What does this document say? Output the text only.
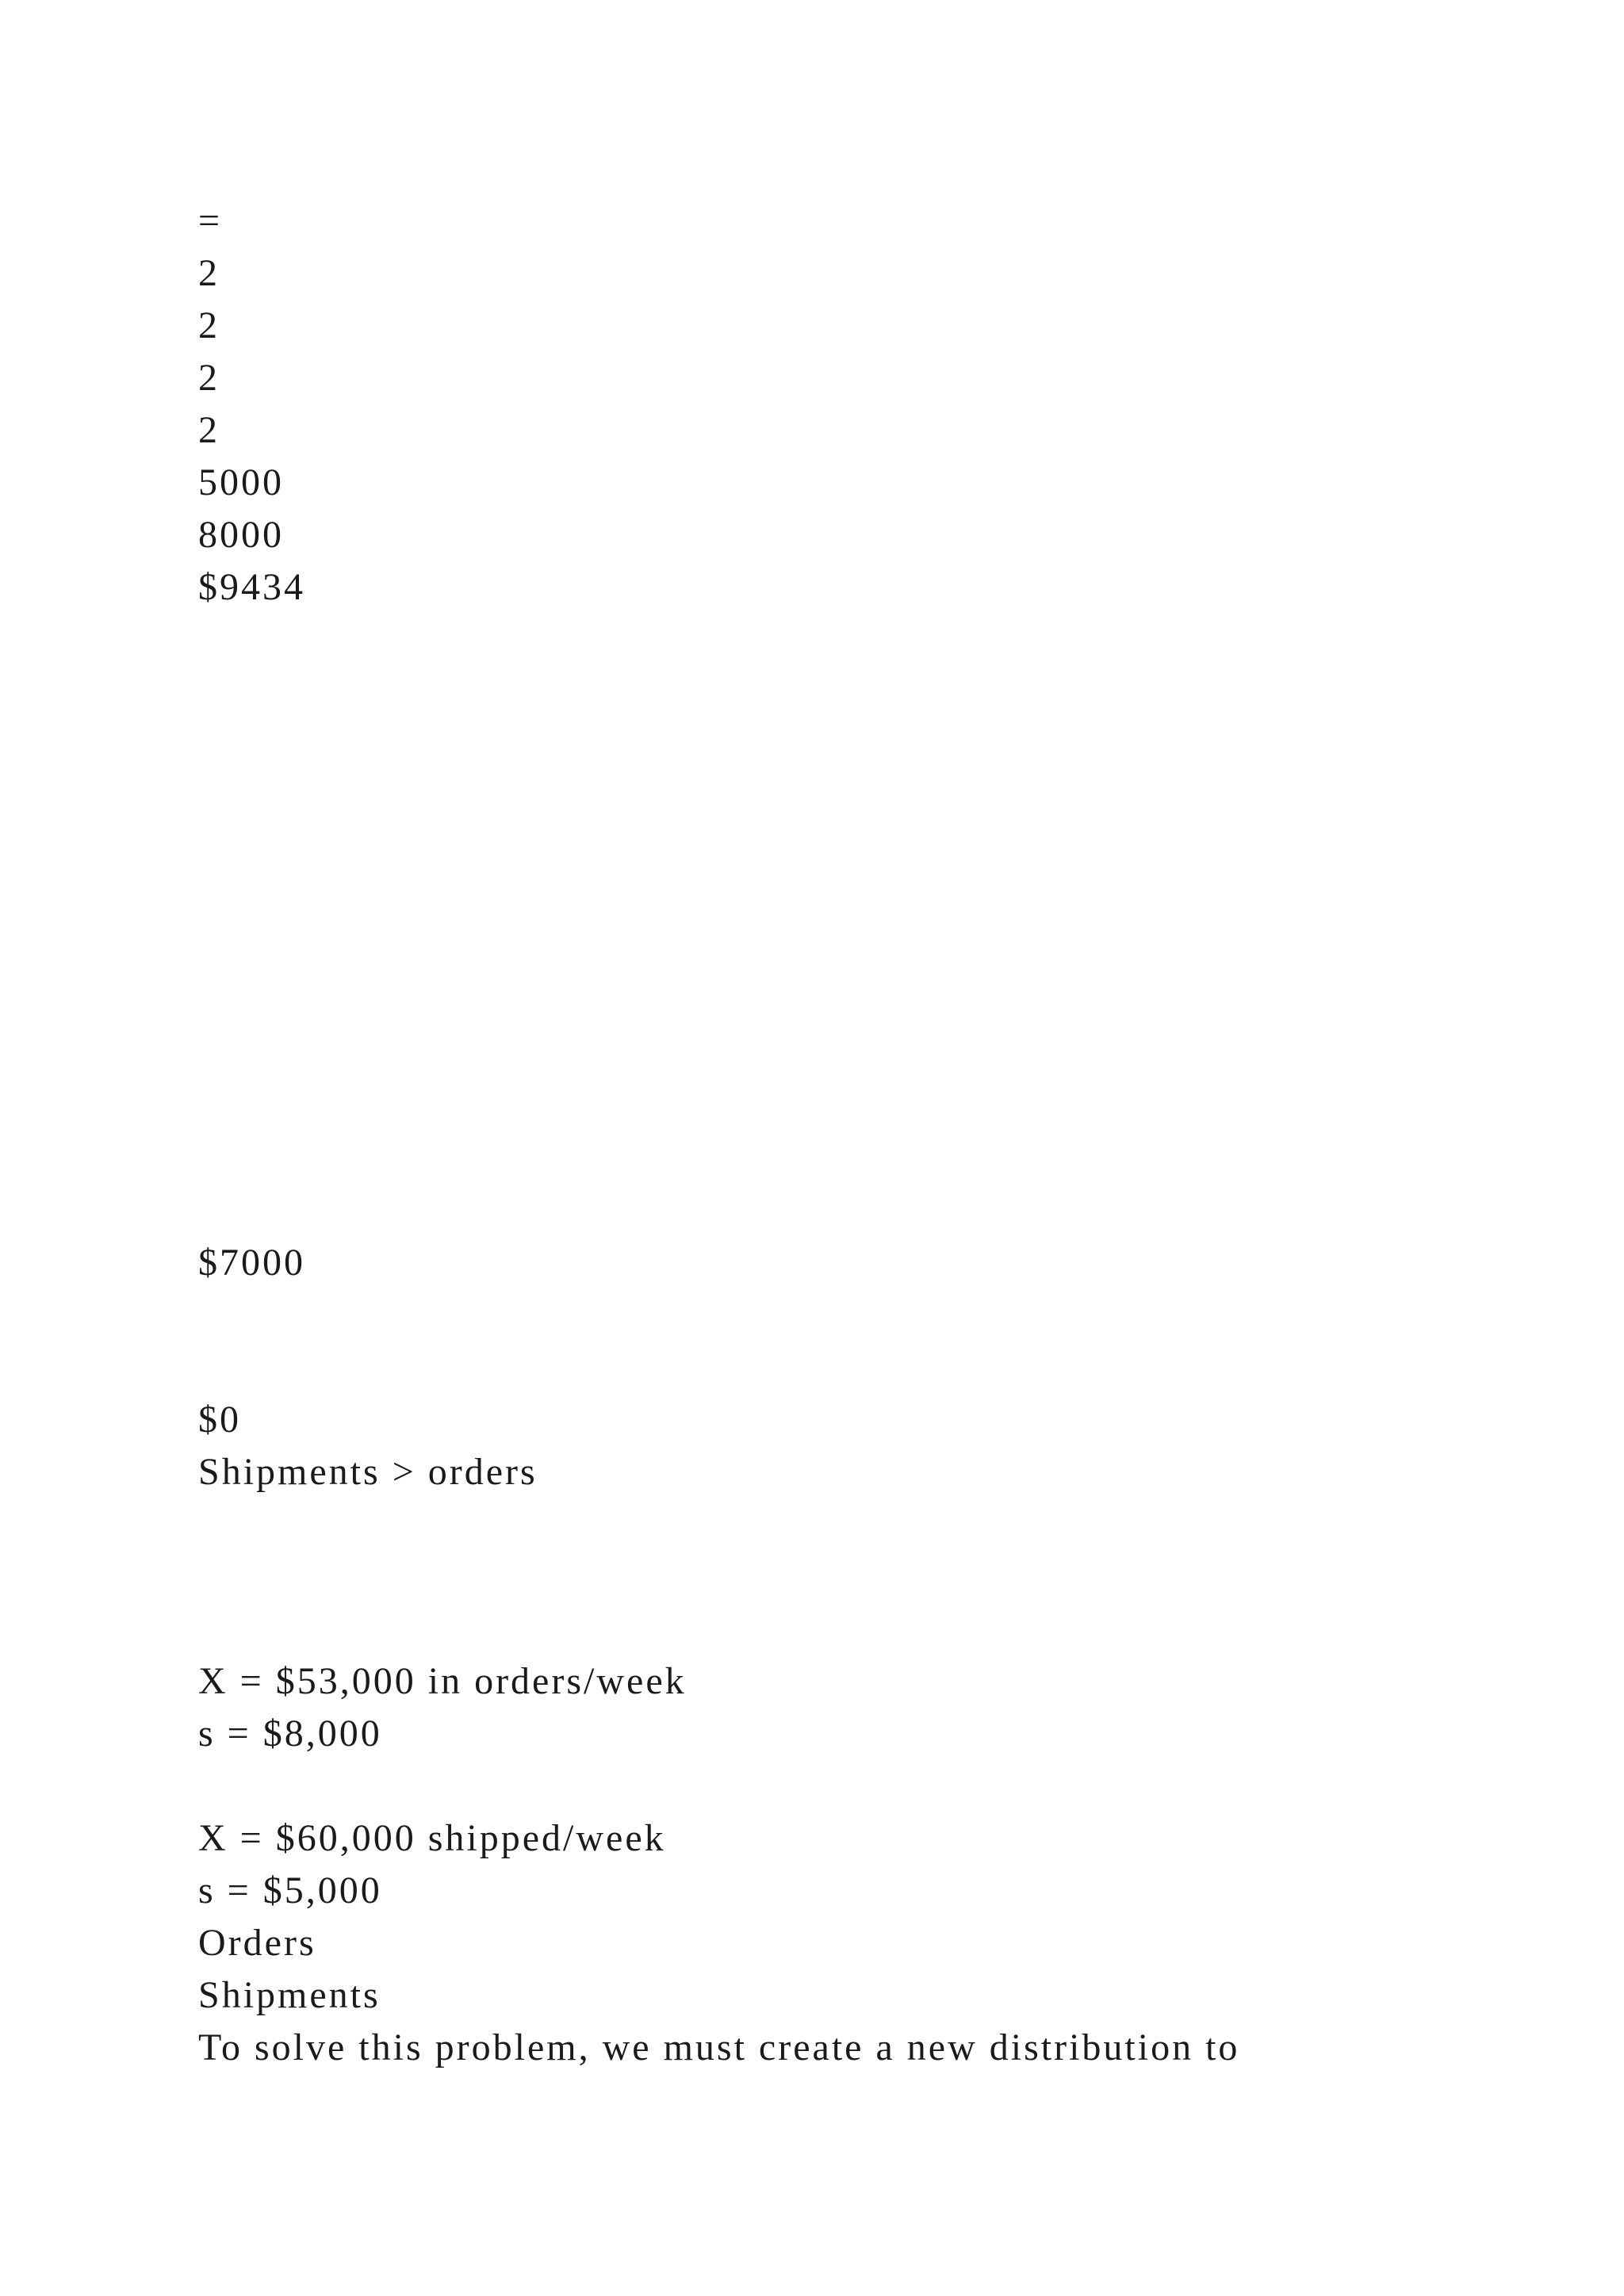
=
2
2
2
2
5000
8000
$9434
$7000
$0
Shipments > orders
X = $53,000 in orders/week
s = $8,000
X = $60,000 shipped/week
s = $5,000
Orders
Shipments
To solve this problem, we must create a new distribution to
